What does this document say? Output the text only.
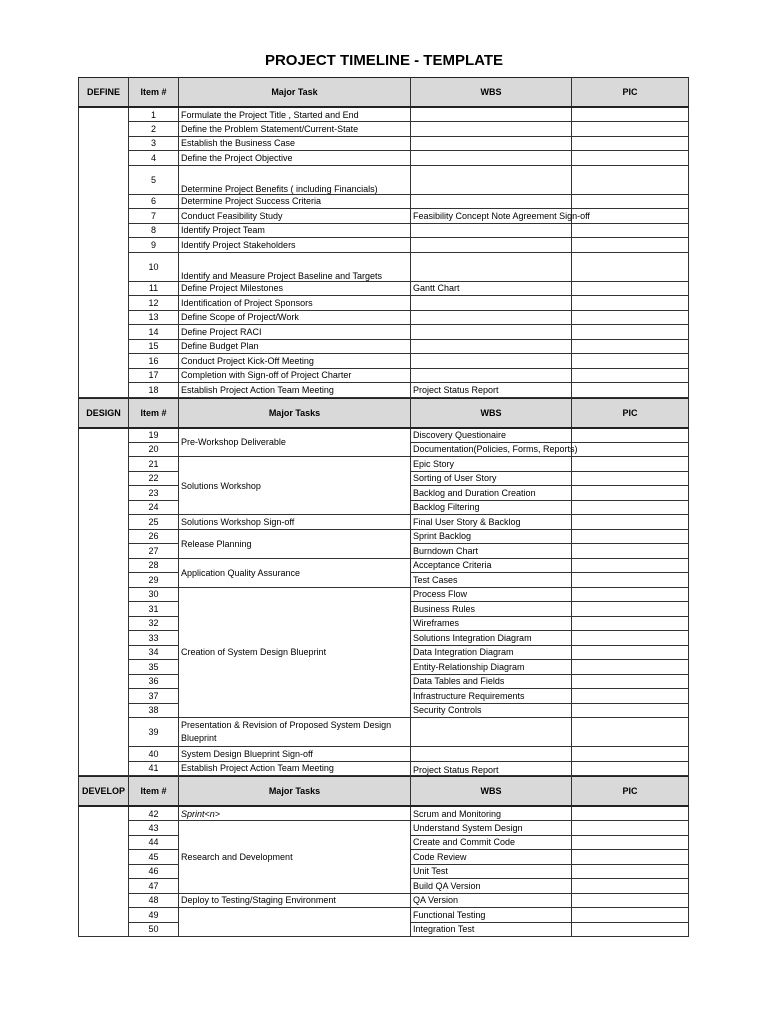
PROJECT TIMELINE - TEMPLATE
DEFINE	Item #	Major Task	WBS	PIC
	1	Formulate the Project Title , Started and End		
	2	Define the Problem Statement/Current-State		
	3	Establish the Business Case		
	4	Define the Project Objective		
	5	Determine Project Benefits ( including Financials)		
	6	Determine Project Success Criteria		
	7	Conduct Feasibility Study	Feasibility Concept Note Agreement Sign-off	
	8	Identify Project Team		
	9	Identify Project Stakeholders		
	10	Identify and Measure Project Baseline and Targets		
	11	Define Project Milestones	Gantt Chart	
	12	Identification of Project Sponsors		
	13	Define Scope of Project/Work		
	14	Define Project RACI		
	15	Define Budget Plan		
	16	Conduct Project Kick-Off Meeting		
	17	Completion with Sign-off of Project Charter		
	18	Establish Project Action Team Meeting	Project Status Report	
DESIGN	Item #	Major Tasks	WBS	PIC
	19	Pre-Workshop Deliverable	Discovery Questionaire	
	20		Documentation(Policies, Forms, Reports)	
	21	Solutions Workshop	Epic Story	
	22		Sorting of User Story	
	23		Backlog and Duration Creation	
	24		Backlog Filtering	
	25	Solutions Workshop Sign-off	Final User Story & Backlog	
	26	Release Planning	Sprint Backlog	
	27		Burndown Chart	
	28	Application Quality Assurance	Acceptance Criteria	
	29		Test Cases	
	30	Creation of System Design Blueprint	Process Flow	
	31		Business Rules	
	32		Wireframes	
	33		Solutions Integration Diagram	
	34		Data Integration Diagram	
	35		Entity-Relationship Diagram	
	36		Data Tables and Fields	
	37		Infrastructure Requirements	
	38		Security Controls	
	39	Presentation & Revision of Proposed System Design Blueprint		
	40	System Design Blueprint Sign-off		
	41	Establish Project Action Team Meeting	Project Status Report	
DEVELOP	Item #	Major Tasks	WBS	PIC
	42	Sprint<n>	Scrum and Monitoring	
	43	Research and Development	Understand System Design	
	44		Create and Commit Code	
	45		Code Review	
	46		Unit Test	
	47		Build QA Version	
	48	Deploy to Testing/Staging Environment	QA Version	
	49		Functional Testing	
	50		Integration Test	
